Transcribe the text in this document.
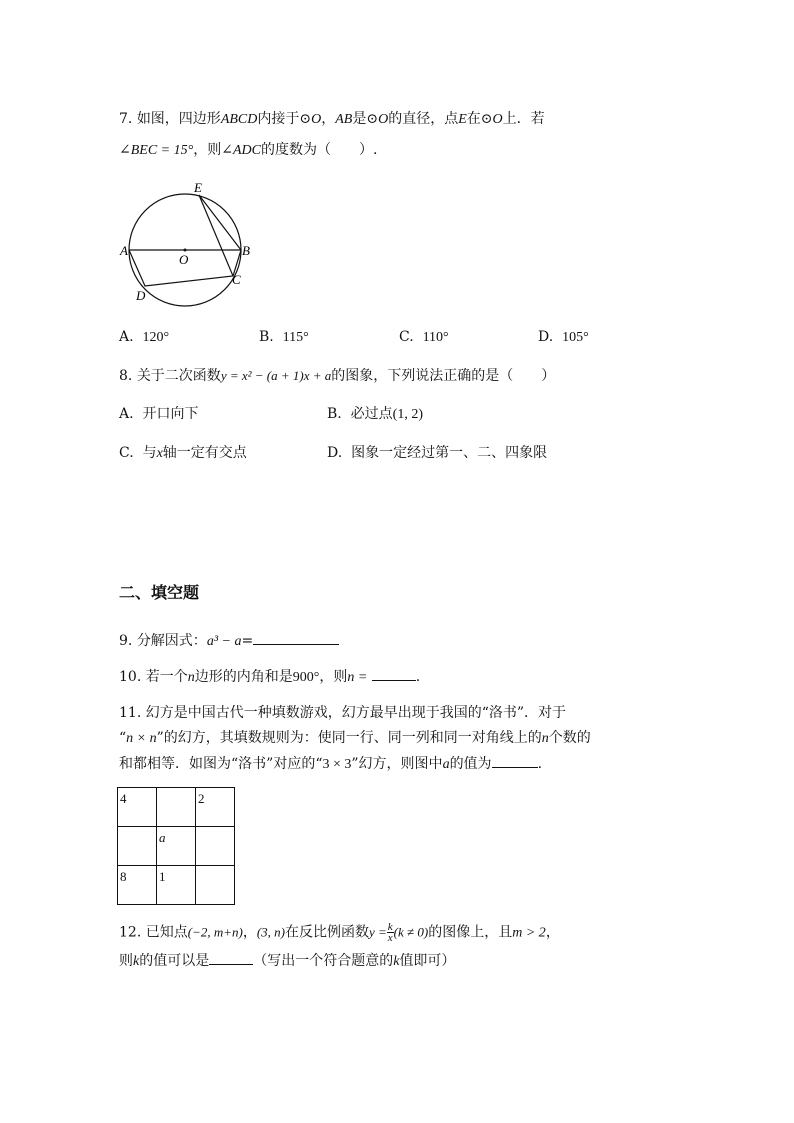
7. 如图，四边形ABCD内接于⊙O，AB是⊙O的直径，点E在⊙O上．若
∠BEC = 15°，则∠ADC的度数为（　　）.
A	B
C
D
E
O
A. 120°	B. 115°	C. 110°	D. 105°
8. 关于二次函数y = x² − (a + 1)x + a的图象，下列说法正确的是（　　）
A. 开口向下	B. 必过点(1, 2)
C. 与x轴一定有交点	D. 图象一定经过第一、二、四象限
二、填空题
9. 分解因式：a³ − a=
10. 若一个n边形的内角和是900°，则n =	.
11. 幻方是中国古代一种填数游戏，幻方最早出现于我国的“洛书”．对于
“n × n”的幻方，其填数规则为：使同一行、同一列和同一对角线上的n个数的
和都相等．如图为“洛书”对应的“3 × 3”幻方，则图中a的值为	.
4		2
	a	
8	1	
12. 已知点(−2, m+n)，(3, n)在反比例函数$y = \frac{k}{x} (k \ne 0)$的图像上，且m > 2，
则k的值可以是	（写出一个符合题意的k值即可）
